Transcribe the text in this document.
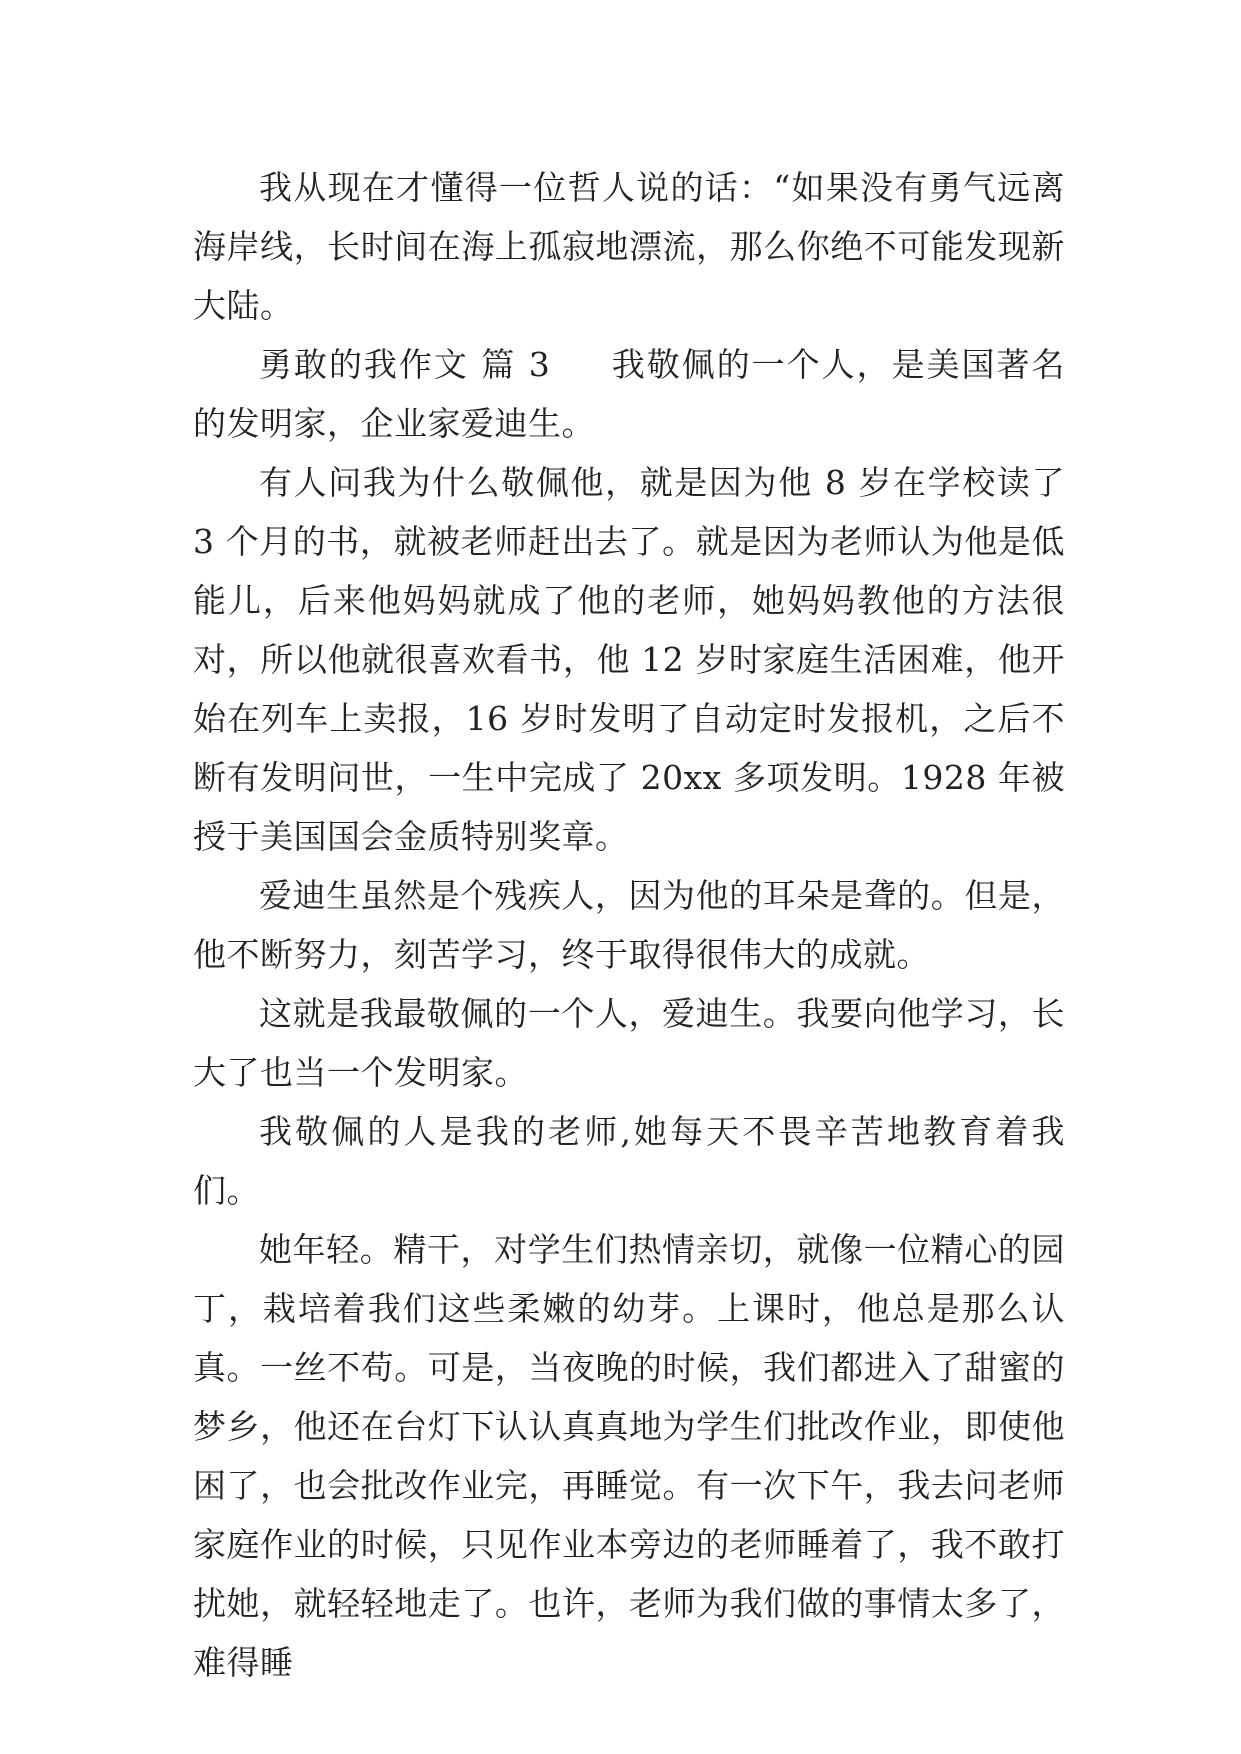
我从现在才懂得一位哲人说的话：“如果没有勇气远离海岸线，长时间在海上孤寂地漂流，那么你绝不可能发现新大陆。

勇敢的我作文 篇 3 我敬佩的一个人，是美国著名的发明家，企业家爱迪生。

有人问我为什么敬佩他，就是因为他 8 岁在学校读了 3 个月的书，就被老师赶出去了。就是因为老师认为他是低能儿，后来他妈妈就成了他的老师，她妈妈教他的方法很对，所以他就很喜欢看书，他 12 岁时家庭生活困难，他开始在列车上卖报，16 岁时发明了自动定时发报机，之后不断有发明问世，一生中完成了 20xx 多项发明。1928 年被授于美国国会金质特别奖章。

爱迪生虽然是个残疾人，因为他的耳朵是聋的。但是，他不断努力，刻苦学习，终于取得很伟大的成就。

这就是我最敬佩的一个人，爱迪生。我要向他学习，长大了也当一个发明家。

我敬佩的人是我的老师,她每天不畏辛苦地教育着我们。

她年轻。精干，对学生们热情亲切，就像一位精心的园丁，栽培着我们这些柔嫩的幼芽。上课时，他总是那么认真。一丝不苟。可是，当夜晚的时候，我们都进入了甜蜜的梦乡，他还在台灯下认认真真地为学生们批改作业，即使他困了，也会批改作业完，再睡觉。有一次下午，我去问老师家庭作业的时候，只见作业本旁边的老师睡着了，我不敢打扰她，就轻轻地走了。也许，老师为我们做的事情太多了，难得睡
